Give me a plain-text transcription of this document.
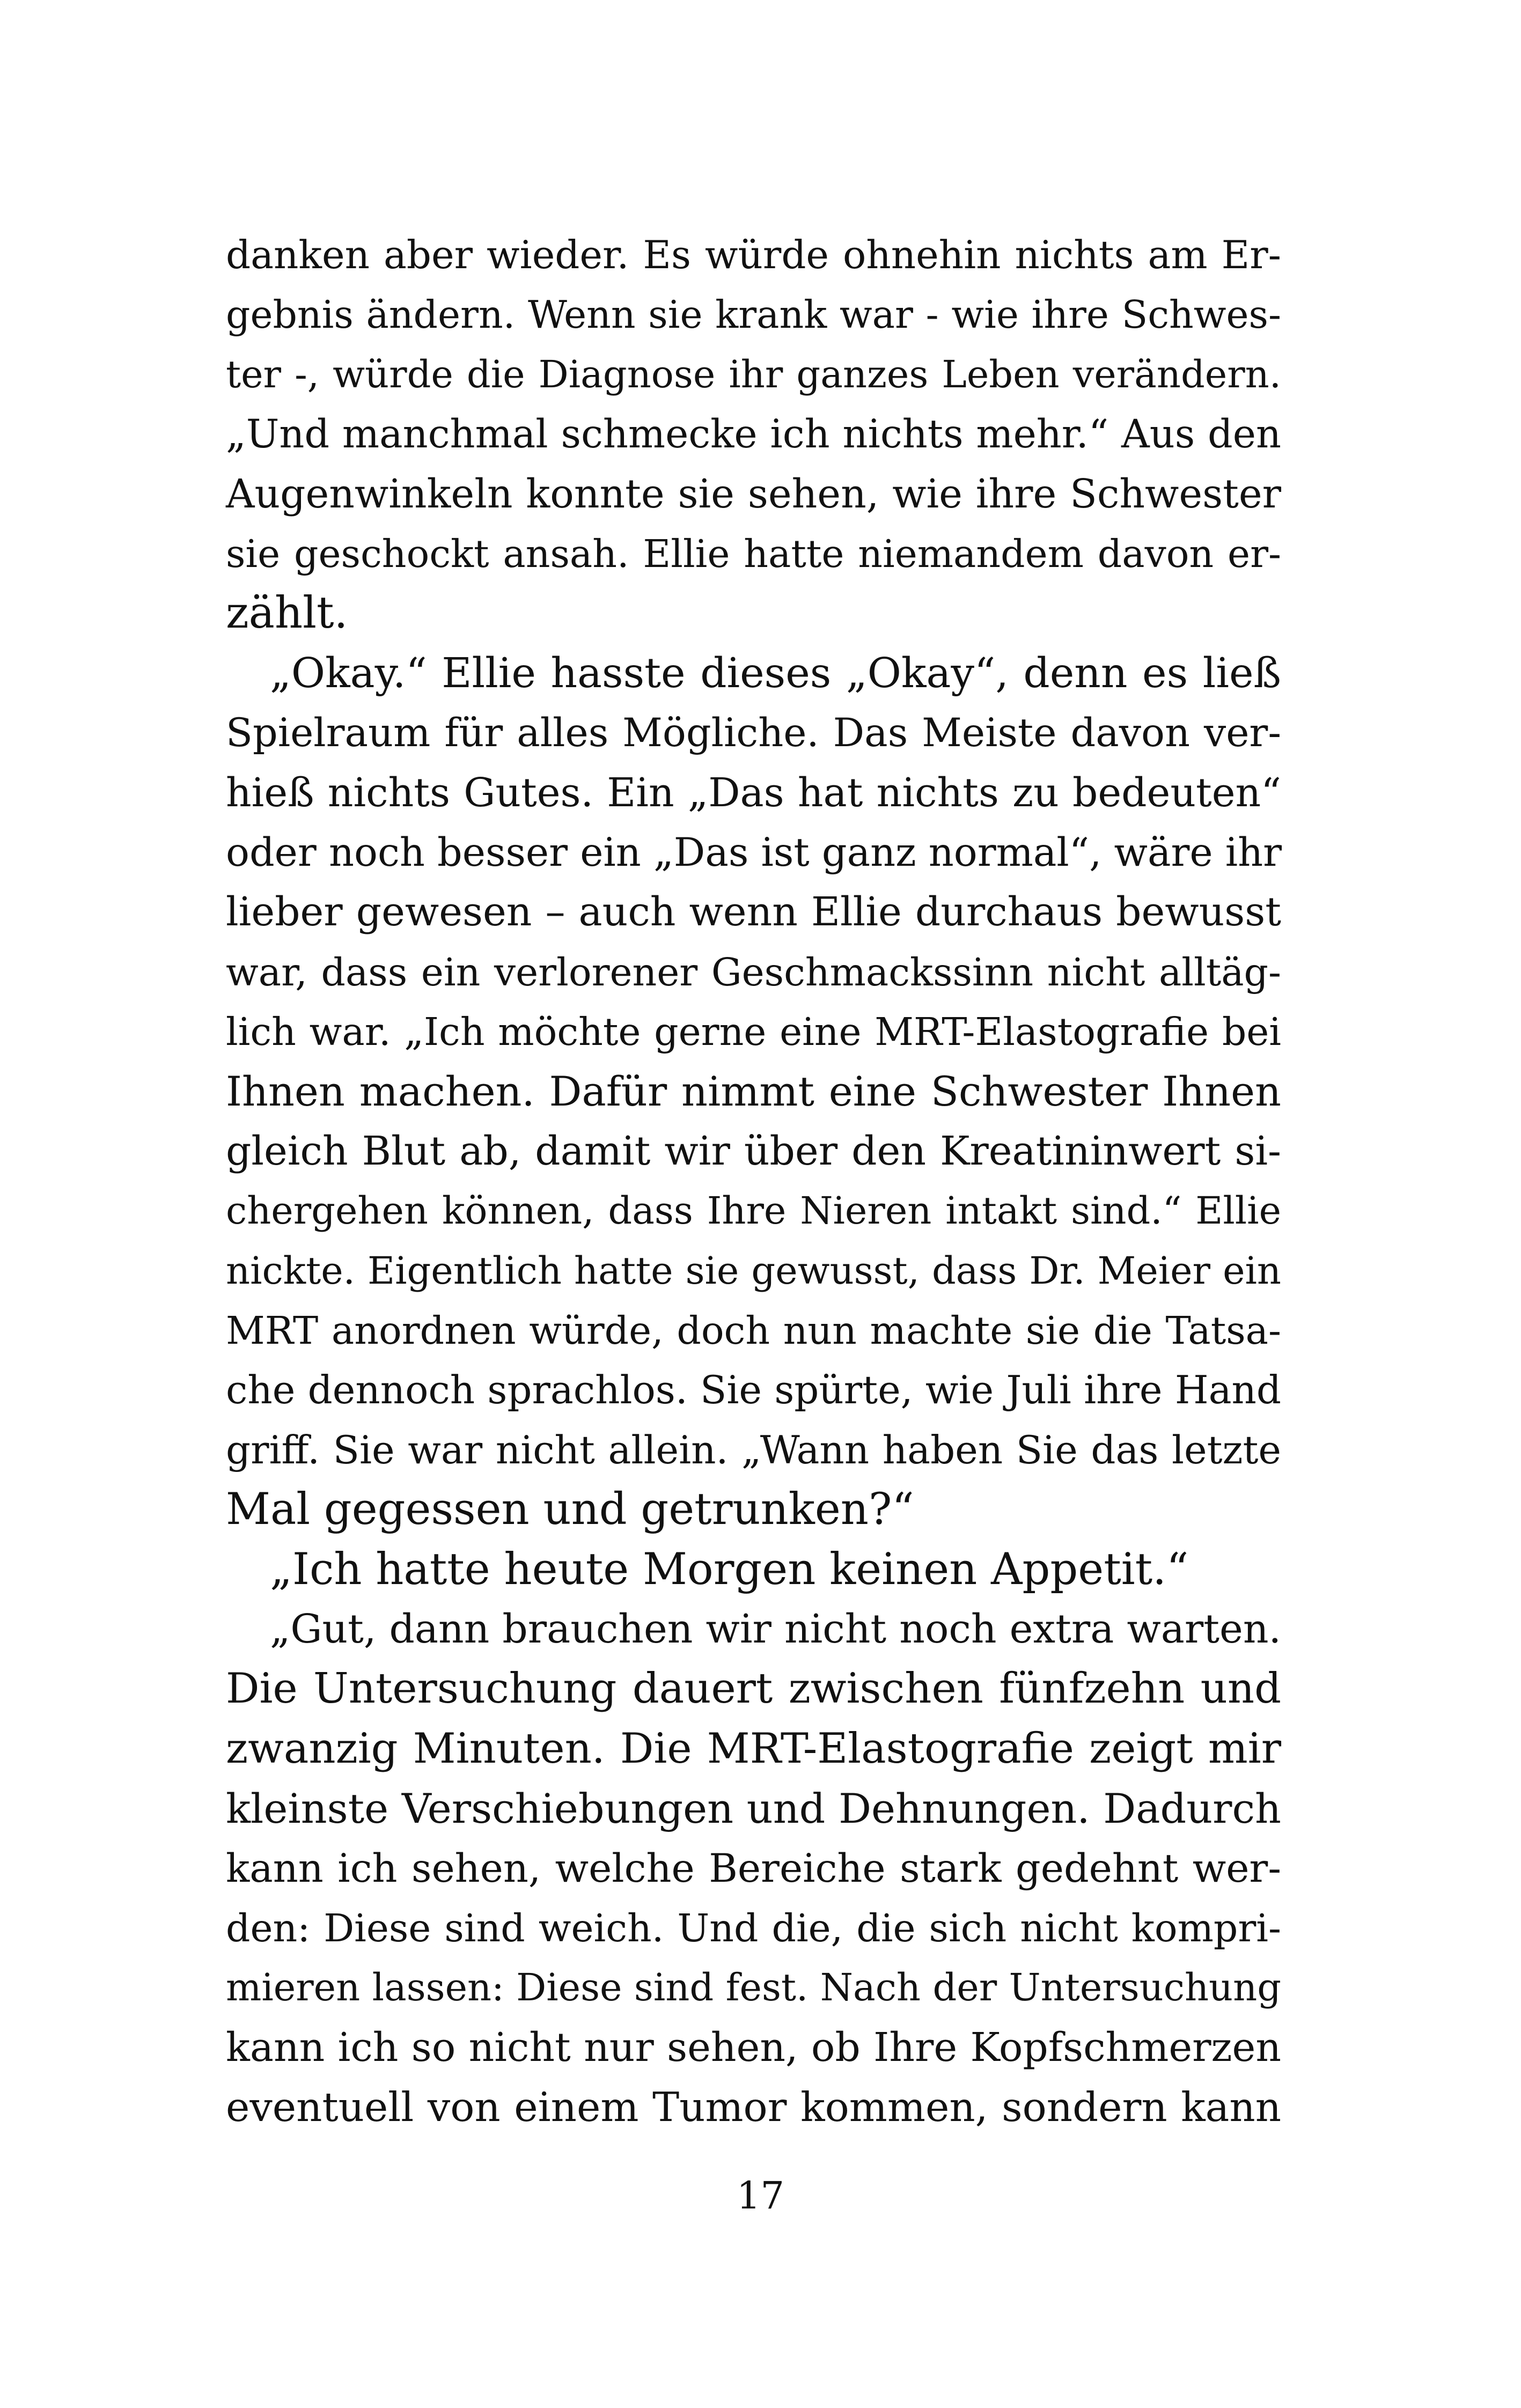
danken aber wieder. Es würde ohnehin nichts am Er-
gebnis ändern. Wenn sie krank war - wie ihre Schwes-
ter -, würde die Diagnose ihr ganzes Leben verändern.
„Und manchmal schmecke ich nichts mehr.“ Aus den
Augenwinkeln konnte sie sehen, wie ihre Schwester
sie geschockt ansah. Ellie hatte niemandem davon er-
zählt.
„Okay.“ Ellie hasste dieses „Okay“, denn es ließ
Spielraum für alles Mögliche. Das Meiste davon ver-
hieß nichts Gutes. Ein „Das hat nichts zu bedeuten“
oder noch besser ein „Das ist ganz normal“, wäre ihr
lieber gewesen – auch wenn Ellie durchaus bewusst
war, dass ein verlorener Geschmackssinn nicht alltäg-
lich war. „Ich möchte gerne eine MRT-Elastografie bei
Ihnen machen. Dafür nimmt eine Schwester Ihnen
gleich Blut ab, damit wir über den Kreatininwert si-
chergehen können, dass Ihre Nieren intakt sind.“ Ellie
nickte. Eigentlich hatte sie gewusst, dass Dr. Meier ein
MRT anordnen würde, doch nun machte sie die Tatsa-
che dennoch sprachlos. Sie spürte, wie Juli ihre Hand
griff. Sie war nicht allein. „Wann haben Sie das letzte
Mal gegessen und getrunken?“
„Ich hatte heute Morgen keinen Appetit.“
„Gut, dann brauchen wir nicht noch extra warten.
Die Untersuchung dauert zwischen fünfzehn und
zwanzig Minuten. Die MRT-Elastografie zeigt mir
kleinste Verschiebungen und Dehnungen. Dadurch
kann ich sehen, welche Bereiche stark gedehnt wer-
den: Diese sind weich. Und die, die sich nicht kompri-
mieren lassen: Diese sind fest. Nach der Untersuchung
kann ich so nicht nur sehen, ob Ihre Kopfschmerzen
eventuell von einem Tumor kommen, sondern kann
17
